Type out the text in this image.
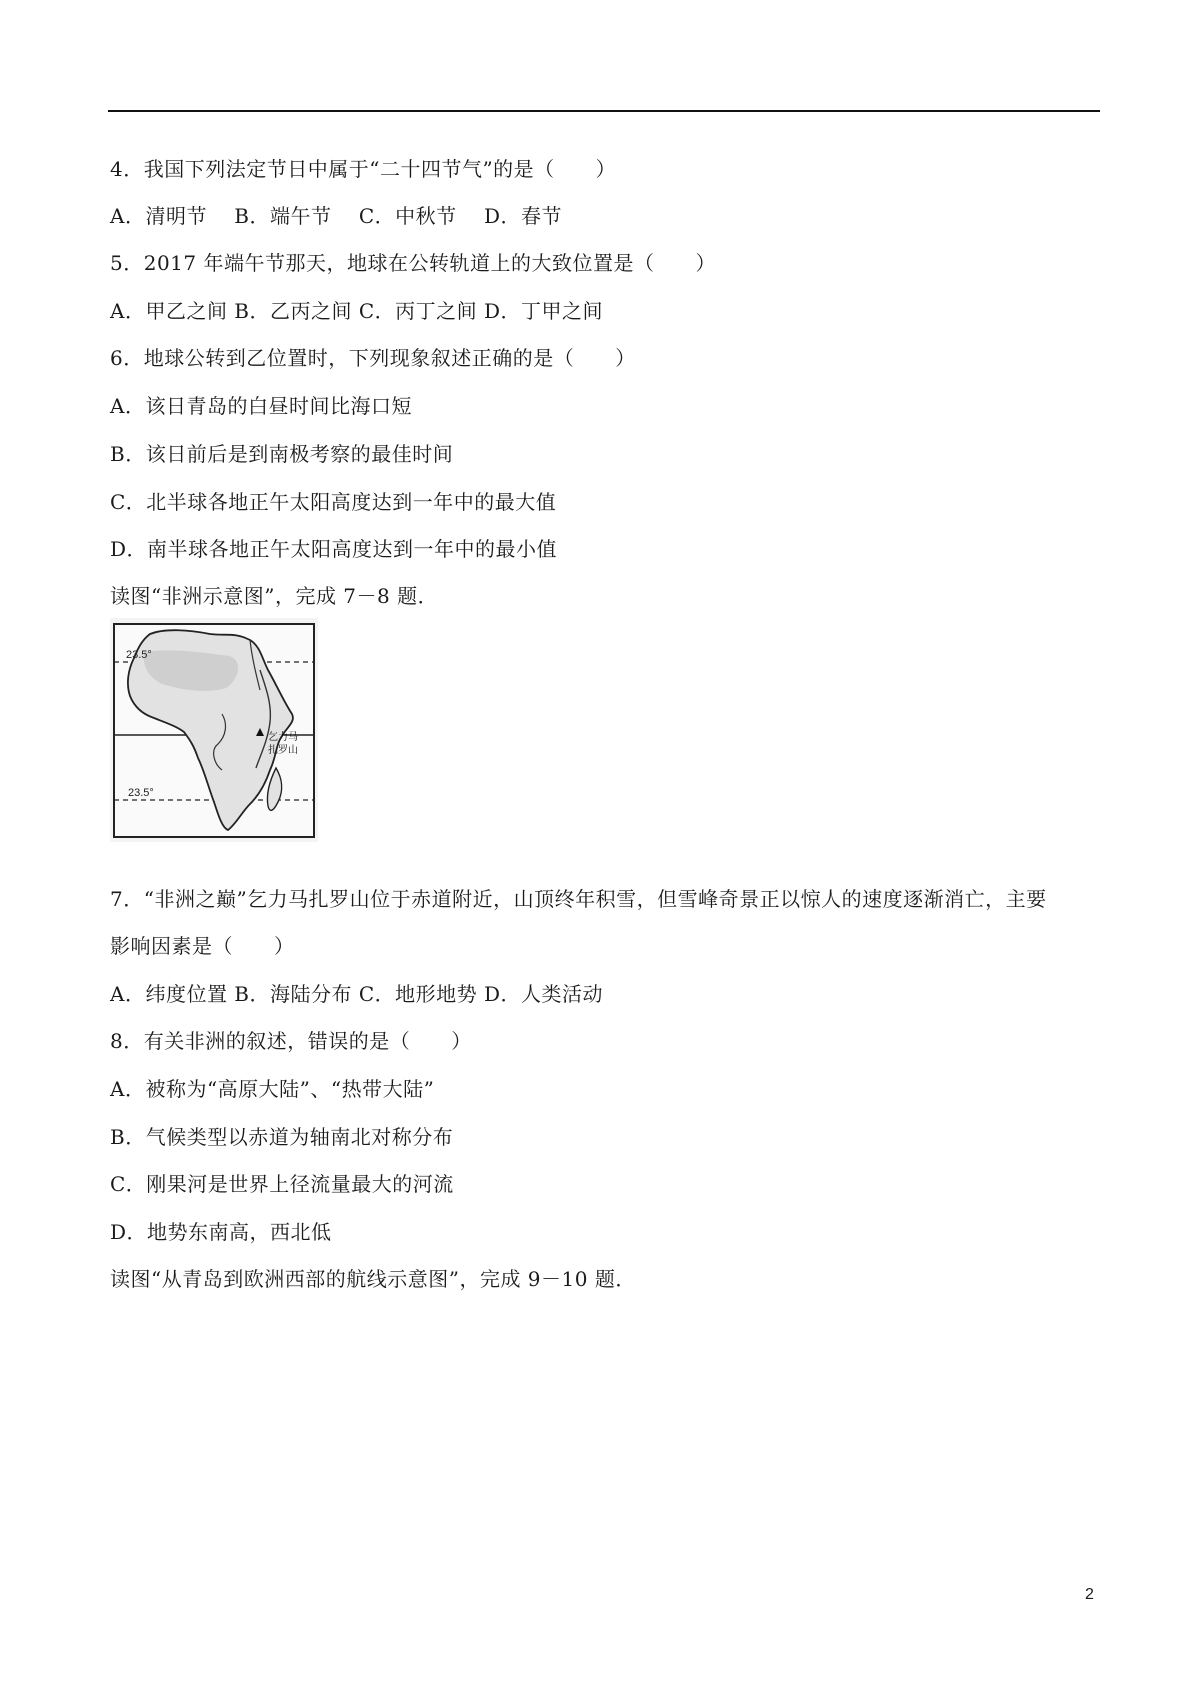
4．我国下列法定节日中属于“二十四节气”的是（　　）
A．清明节　 B．端午节　 C．中秋节　 D．春节
5．2017 年端午节那天，地球在公转轨道上的大致位置是（　　）
A．甲乙之间 B．乙丙之间 C．丙丁之间 D．丁甲之间
6．地球公转到乙位置时，下列现象叙述正确的是（　　）
A．该日青岛的白昼时间比海口短
B．该日前后是到南极考察的最佳时间
C．北半球各地正午太阳高度达到一年中的最大值
D．南半球各地正午太阳高度达到一年中的最小值
读图“非洲示意图”，完成 7－8 题．
23.5°
23.5°
乞力马
扎罗山
7．“非洲之巅”乞力马扎罗山位于赤道附近，山顶终年积雪，但雪峰奇景正以惊人的速度逐渐消亡，主要
影响因素是（　　）
A．纬度位置 B．海陆分布 C．地形地势 D．人类活动
8．有关非洲的叙述，错误的是（　　）
A．被称为“高原大陆”、“热带大陆”
B．气候类型以赤道为轴南北对称分布
C．刚果河是世界上径流量最大的河流
D．地势东南高，西北低
读图“从青岛到欧洲西部的航线示意图”，完成 9－10 题．
2
